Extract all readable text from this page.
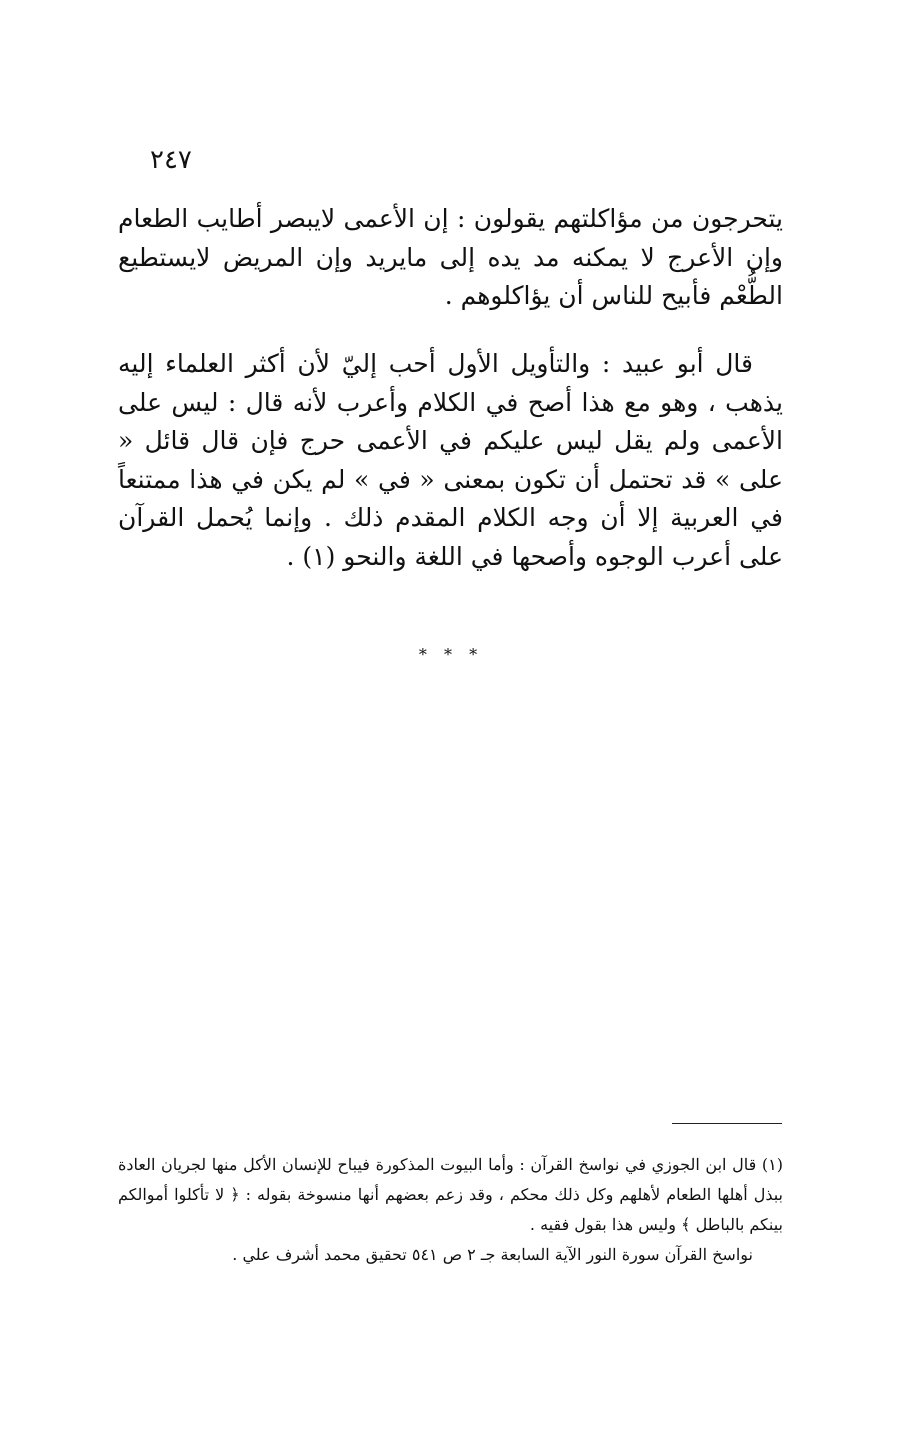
٢٤٧

يتحرجون من مؤاكلتهم يقولون : إن الأعمى لايبصر أطايب الطعام وإن الأعرج لا يمكنه مد يده إلى مايريد وإن المريض لايستطيع الطُّعْم فأبيح للناس أن يؤاكلوهم .

قال أبو عبيد : والتأويل الأول أحب إليّ لأن أكثر العلماء إليه يذهب ، وهو مع هذا أصح في الكلام وأعرب لأنه قال : ليس على الأعمى ولم يقل ليس عليكم في الأعمى حرج فإن قال قائل « على » قد تحتمل أن تكون بمعنى « في » لم يكن في هذا ممتنعاً في العربية إلا أن وجه الكلام المقدم ذلك . وإنما يُحمل القرآن على أعرب الوجوه وأصحها في اللغة والنحو (١) .

* * *

(١) قال ابن الجوزي في نواسخ القرآن : وأما البيوت المذكورة فيباح للإنسان الأكل منها لجريان العادة ببذل أهلها الطعام لأهلهم وكل ذلك محكم ، وقد زعم بعضهم أنها منسوخة بقوله : ﴿ لا تأكلوا أموالكم بينكم بالباطل ﴾ وليس هذا بقول فقيه .

نواسخ القرآن سورة النور الآية السابعة جـ ٢ ص ٥٤١ تحقيق محمد أشرف علي .
